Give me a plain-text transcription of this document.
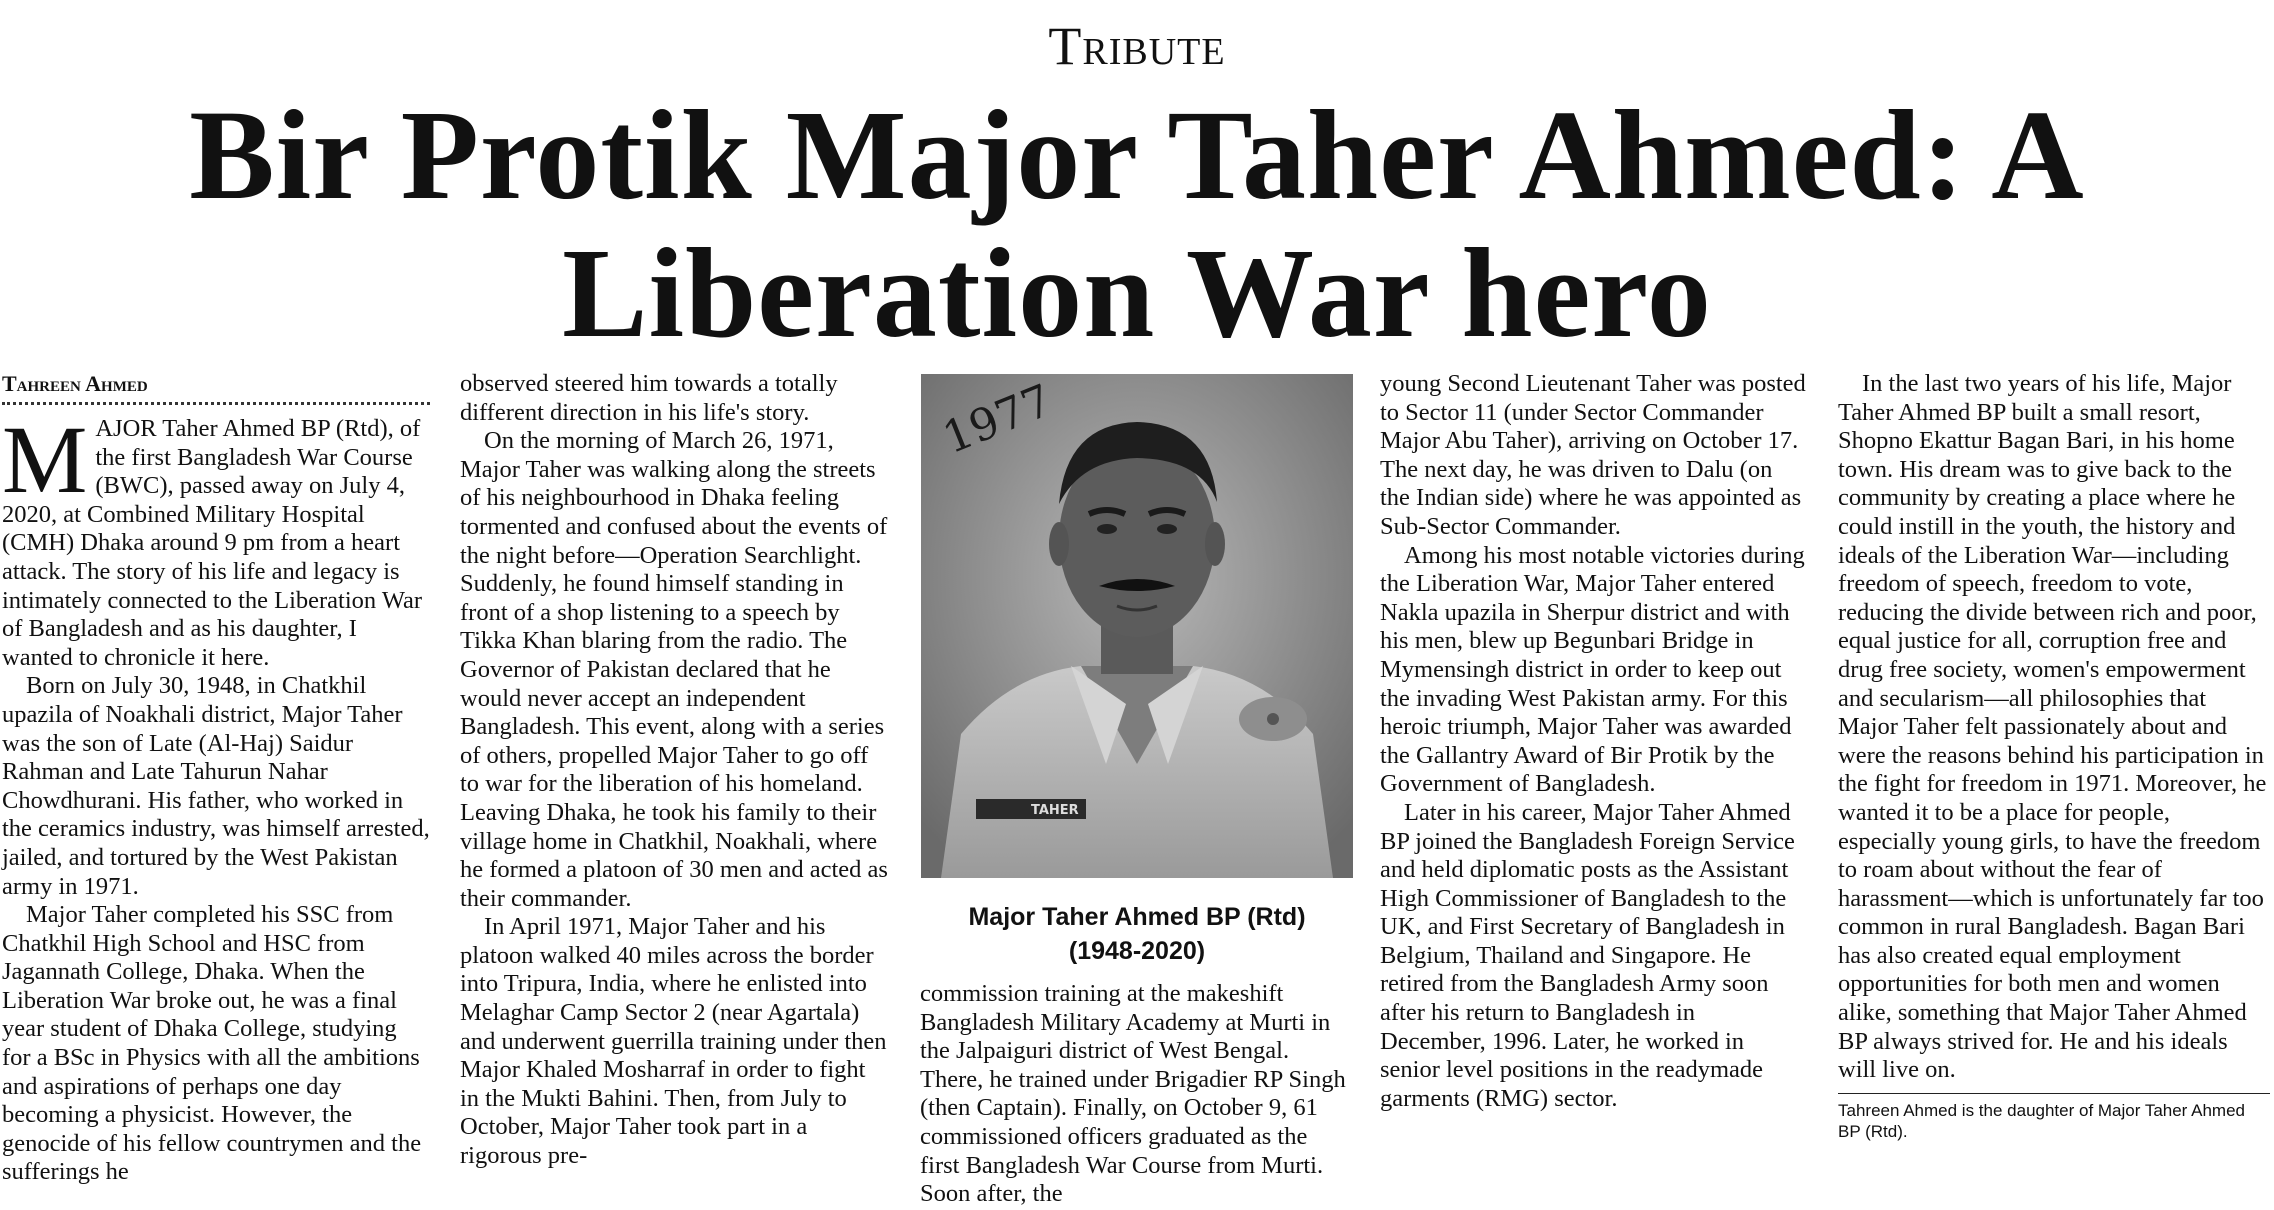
Tribute
Bir Protik Major Taher Ahmed: A Liberation War hero
Tahreen Ahmed

MAJOR Taher Ahmed BP (Rtd), of the first Bangladesh War Course (BWC), passed away on July 4, 2020, at Combined Military Hospital (CMH) Dhaka around 9 pm from a heart attack. The story of his life and legacy is intimately connected to the Liberation War of Bangladesh and as his daughter, I wanted to chronicle it here.

Born on July 30, 1948, in Chatkhil upazila of Noakhali district, Major Taher was the son of Late (Al-Haj) Saidur Rahman and Late Tahurun Nahar Chowdhurani. His father, who worked in the ceramics industry, was himself arrested, jailed, and tortured by the West Pakistan army in 1971.

Major Taher completed his SSC from Chatkhil High School and HSC from Jagannath College, Dhaka. When the Liberation War broke out, he was a final year student of Dhaka College, studying for a BSc in Physics with all the ambitions and aspirations of perhaps one day becoming a physicist. However, the genocide of his fellow countrymen and the sufferings he

observed steered him towards a totally different direction in his life's story.

On the morning of March 26, 1971, Major Taher was walking along the streets of his neighbourhood in Dhaka feeling tormented and confused about the events of the night before—Operation Searchlight. Suddenly, he found himself standing in front of a shop listening to a speech by Tikka Khan blaring from the radio. The Governor of Pakistan declared that he would never accept an independent Bangladesh. This event, along with a series of others, propelled Major Taher to go off to war for the liberation of his homeland. Leaving Dhaka, he took his family to their village home in Chatkhil, Noakhali, where he formed a platoon of 30 men and acted as their commander.

In April 1971, Major Taher and his platoon walked 40 miles across the border into Tripura, India, where he enlisted into Melaghar Camp Sector 2 (near Agartala) and underwent guerrilla training under then Major Khaled Mosharraf in order to fight in the Mukti Bahini. Then, from July to October, Major Taher took part in a rigorous pre-

1977
TAHER
Major Taher Ahmed BP (Rtd)
(1948-2020)

commission training at the makeshift Bangladesh Military Academy at Murti in the Jalpaiguri district of West Bengal. There, he trained under Brigadier RP Singh (then Captain). Finally, on October 9, 61 commissioned officers graduated as the first Bangladesh War Course from Murti. Soon after, the

young Second Lieutenant Taher was posted to Sector 11 (under Sector Commander Major Abu Taher), arriving on October 17. The next day, he was driven to Dalu (on the Indian side) where he was appointed as Sub-Sector Commander.

Among his most notable victories during the Liberation War, Major Taher entered Nakla upazila in Sherpur district and with his men, blew up Begunbari Bridge in Mymensingh district in order to keep out the invading West Pakistan army. For this heroic triumph, Major Taher was awarded the Gallantry Award of Bir Protik by the Government of Bangladesh.

Later in his career, Major Taher Ahmed BP joined the Bangladesh Foreign Service and held diplomatic posts as the Assistant High Commissioner of Bangladesh to the UK, and First Secretary of Bangladesh in Belgium, Thailand and Singapore. He retired from the Bangladesh Army soon after his return to Bangladesh in December, 1996. Later, he worked in senior level positions in the readymade garments (RMG) sector.

In the last two years of his life, Major Taher Ahmed BP built a small resort, Shopno Ekattur Bagan Bari, in his home town. His dream was to give back to the community by creating a place where he could instill in the youth, the history and ideals of the Liberation War—including freedom of speech, freedom to vote, reducing the divide between rich and poor, equal justice for all, corruption free and drug free society, women's empowerment and secularism—all philosophies that Major Taher felt passionately about and were the reasons behind his participation in the fight for freedom in 1971. Moreover, he wanted it to be a place for people, especially young girls, to have the freedom to roam about without the fear of harassment—which is unfortunately far too common in rural Bangladesh. Bagan Bari has also created equal employment opportunities for both men and women alike, something that Major Taher Ahmed BP always strived for. He and his ideals will live on.

Tahreen Ahmed is the daughter of Major Taher Ahmed BP (Rtd).
